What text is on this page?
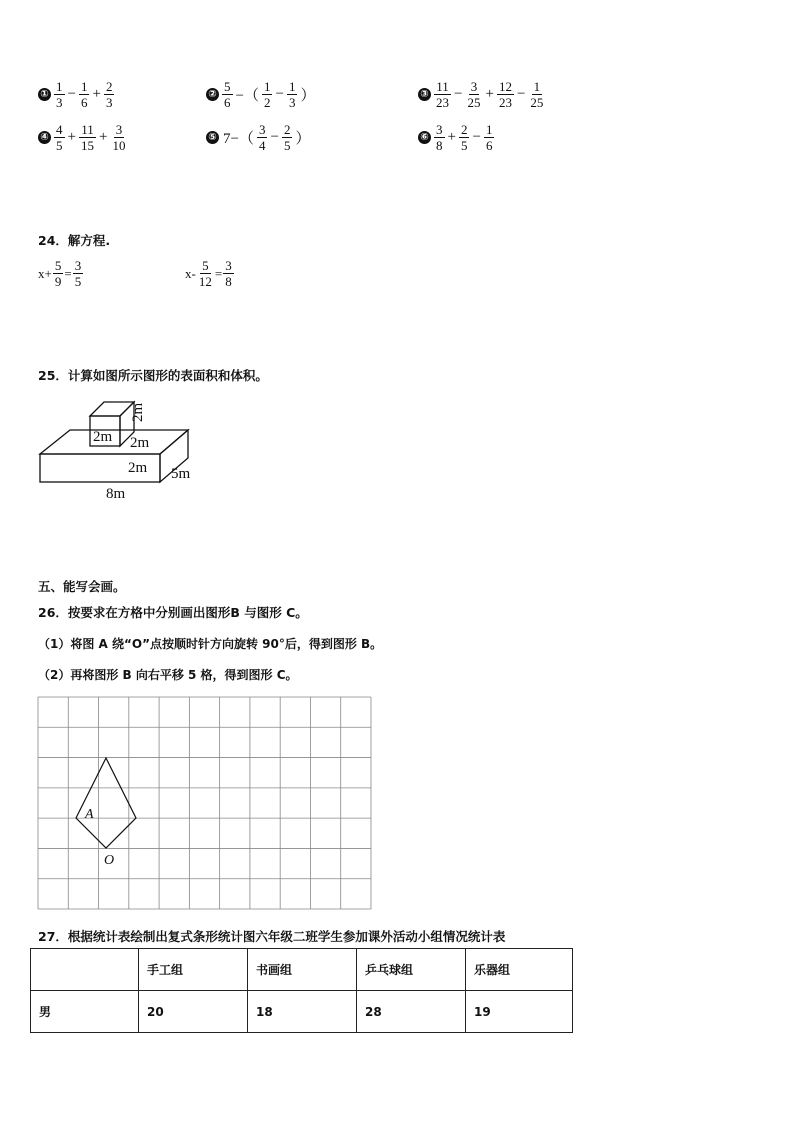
① $\frac{1}{3} - \frac{1}{6} + \frac{2}{3}$	② $\frac{5}{6}$ −（ $\frac{1}{2} - \frac{1}{3}$ ）	③ $\frac{11}{23} - \frac{3}{25} + \frac{12}{23} - \frac{1}{25}$
④ $\frac{4}{5} + \frac{11}{15} + \frac{3}{10}$	⑤ $7-( \frac{3}{4} - \frac{2}{5}$ ）	⑥ $\frac{3}{8} + \frac{2}{5} - \frac{1}{6}$
24．解方程.
$x+ \frac{5}{9} = \frac{3}{5}$	$x- \frac{5}{12} = \frac{3}{8}$
25．计算如图所示图形的表面积和体积。
2m
2m
2m
2m 5m
8m
五、能写会画。
26．按要求在方格中分别画出图形B 与图形 C。
（1）将图 A 绕“O”点按顺时针方向旋转 90°后，得到图形 B。
（2）再将图形 B 向右平移 5 格，得到图形 C。
A
O
27．根据统计表绘制出复式条形统计图六年级二班学生参加课外活动小组情况统计表
	手工组	书画组	乒乓球组	乐器组
男	20	18	28	19
